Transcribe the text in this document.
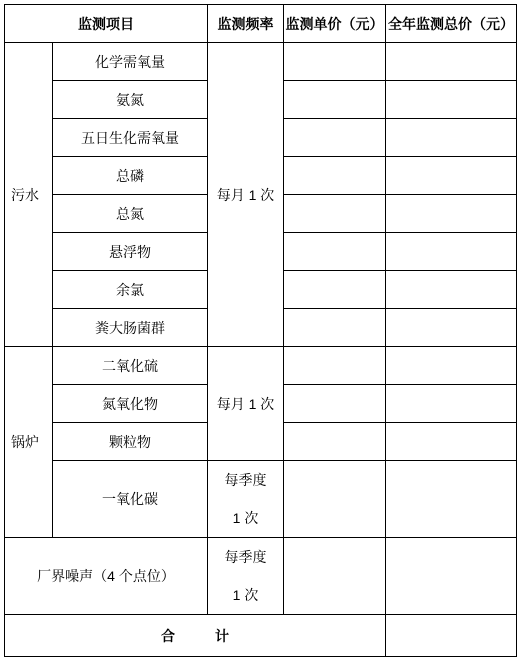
监测项目		监测频率	监测单价（元）	全年监测总价（元）
污水	化学需氧量	每月 1 次		
	氨氮			
	五日生化需氧量			
	总磷			
	总氮			
	悬浮物			
	余氯			
	粪大肠菌群			
锅炉	二氧化硫	每月 1 次		
	氮氧化物			
	颗粒物			
	一氧化碳	每季度
1 次		

厂界噪声（4 个点位）		每季度
1 次		

合计				
